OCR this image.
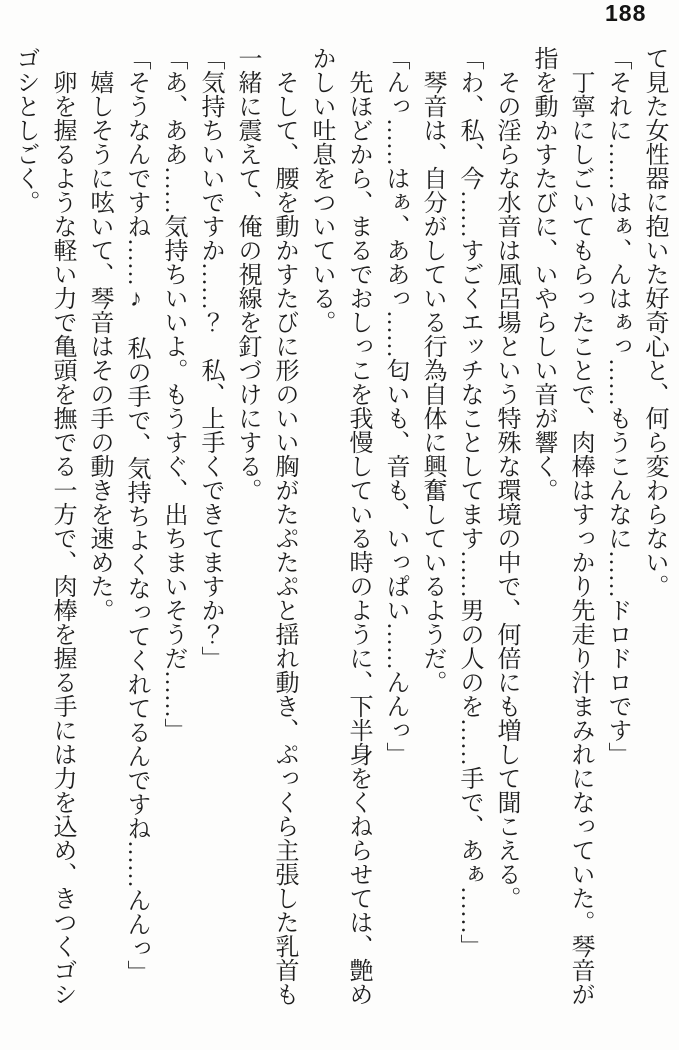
188

て見た女性器に抱いた好奇心と、何ら変わらない。

「それに……はぁ、んはぁっ……もうこんなに……ドロドロです」

丁寧にしごいてもらったことで、肉棒はすっかり先走り汁まみれになっていた。琴音が指を動かすたびに、いやらしい音が響く。

その淫らな水音は風呂場という特殊な環境の中で、何倍にも増して聞こえる。

「わ、私、今……すごくエッチなことしてます……男の人のを……手で、あぁ……」

琴音は、自分がしている行為自体に興奮しているようだ。

「んっ……はぁ、ああっ……匂いも、音も、いっぱい……んんっ」

先ほどから、まるでおしっこを我慢している時のように、下半身をくねらせては、艶めかしい吐息をついている。

そして、腰を動かすたびに形のいい胸がたぷたぷと揺れ動き、ぷっくら主張した乳首も一緒に震えて、俺の視線を釘づけにする。

「気持ちいいですか……？　私、上手くできてますか？」

「あ、ああ……気持ちいいよ。もうすぐ、出ちまいそうだ……」

「そうなんですね……♪　私の手で、気持ちよくなってくれてるんですね……んんっ」

嬉しそうに呟いて、琴音はその手の動きを速めた。

卵を握るような軽い力で亀頭を撫でる一方で、肉棒を握る手には力を込め、きつくゴシゴシとしごく。
